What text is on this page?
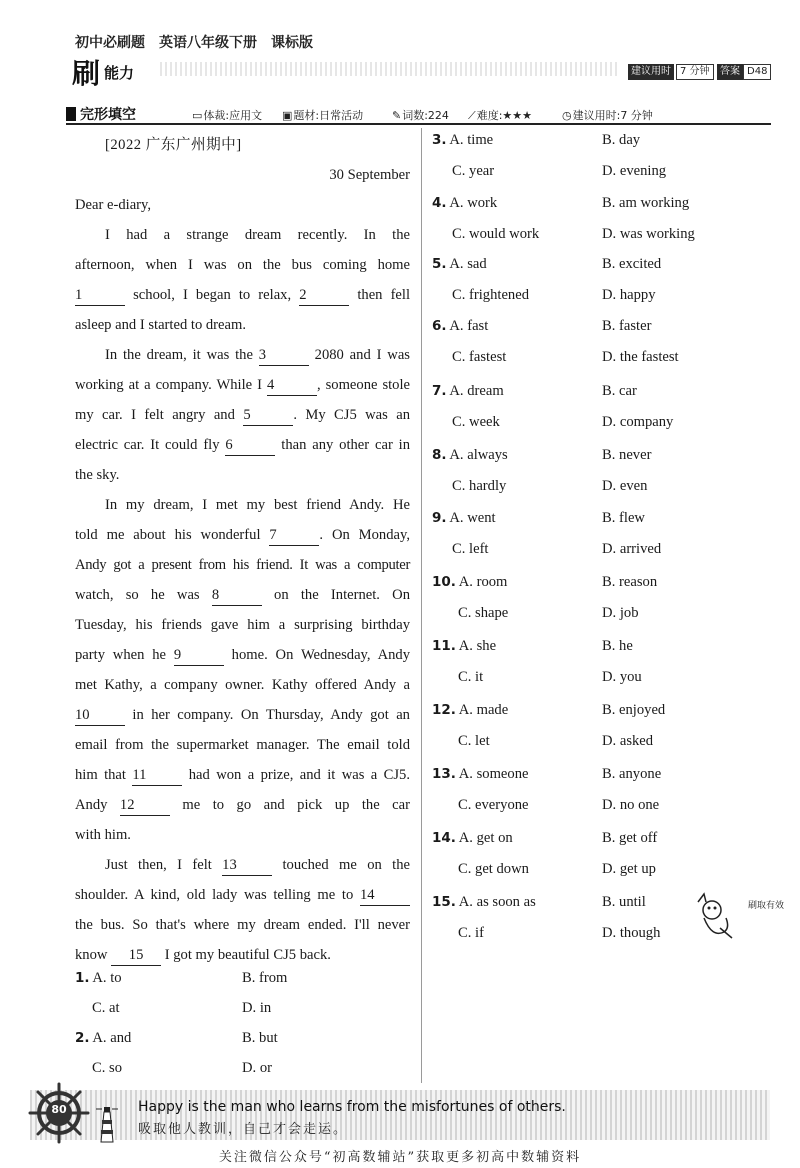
初中必刷题　英语八年级下册　课标版
刷 能力	建议用时 7 分钟	答案 D48
完形填空	▭体裁:应用文 ▣题材:日常活动	✎词数:224 ⟋难度:★★★	◷建议用时:7 分钟
[2022 广东广州期中]
30 September
Dear e-diary,
I had a strange dream recently. In the
afternoon, when I was on the bus coming home
1	school, I began to relax, 2	then fell
asleep and I started to dream.
In the dream, it was the 3	2080 and I was
working at a company. While I 4	, someone stole
my car. I felt angry and 5	. My CJ5 was an
electric car. It could fly 6	than any other car in
the sky.
In my dream, I met my best friend Andy. He
told me about his wonderful 7	. On Monday,
Andy got a present from his friend. It was a computer
watch, so he was 8	on the Internet. On
Tuesday, his friends gave him a surprising birthday
party when he 9	home. On Wednesday, Andy
met Kathy, a company owner. Kathy offered Andy a
10	in her company. On Thursday, Andy got an
email from the supermarket manager. The email told
him that 11	had won a prize, and it was a CJ5.
Andy 12	me to go and pick up the car
with him.
Just then, I felt 13	touched me on the
shoulder. A kind, old lady was telling me to 14
the bus. So that's where my dream ended. I'll never
know 15 I got my beautiful CJ5 back.
1. A. to	B. from
C. at	D. in
2. A. and	B. but
C. so	D. or
3. A. time	B. day
C. year	D. evening
4. A. work	B. am working
C. would work	D. was working
5. A. sad	B. excited
C. frightened	D. happy
6. A. fast	B. faster
C. fastest	D. the fastest
7. A. dream	B. car
C. week	D. company
8. A. always	B. never
C. hardly	D. even
9. A. went	B. flew
C. left	D. arrived
10. A. room	B. reason
C. shape	D. job
11. A. she	B. he
C. it	D. you
12. A. made	B. enjoyed
C. let	D. asked
13. A. someone	B. anyone
C. everyone	D. no one
14. A. get on	B. get off
C. get down	D. get up
15. A. as soon as	B. until
C. if	D. though
刷取有效
80	Happy is the man who learns from the misfortunes of others.
吸取他人教训，自己才会走运。
关注微信公众号“初高数辅站”获取更多初高中数辅资料
